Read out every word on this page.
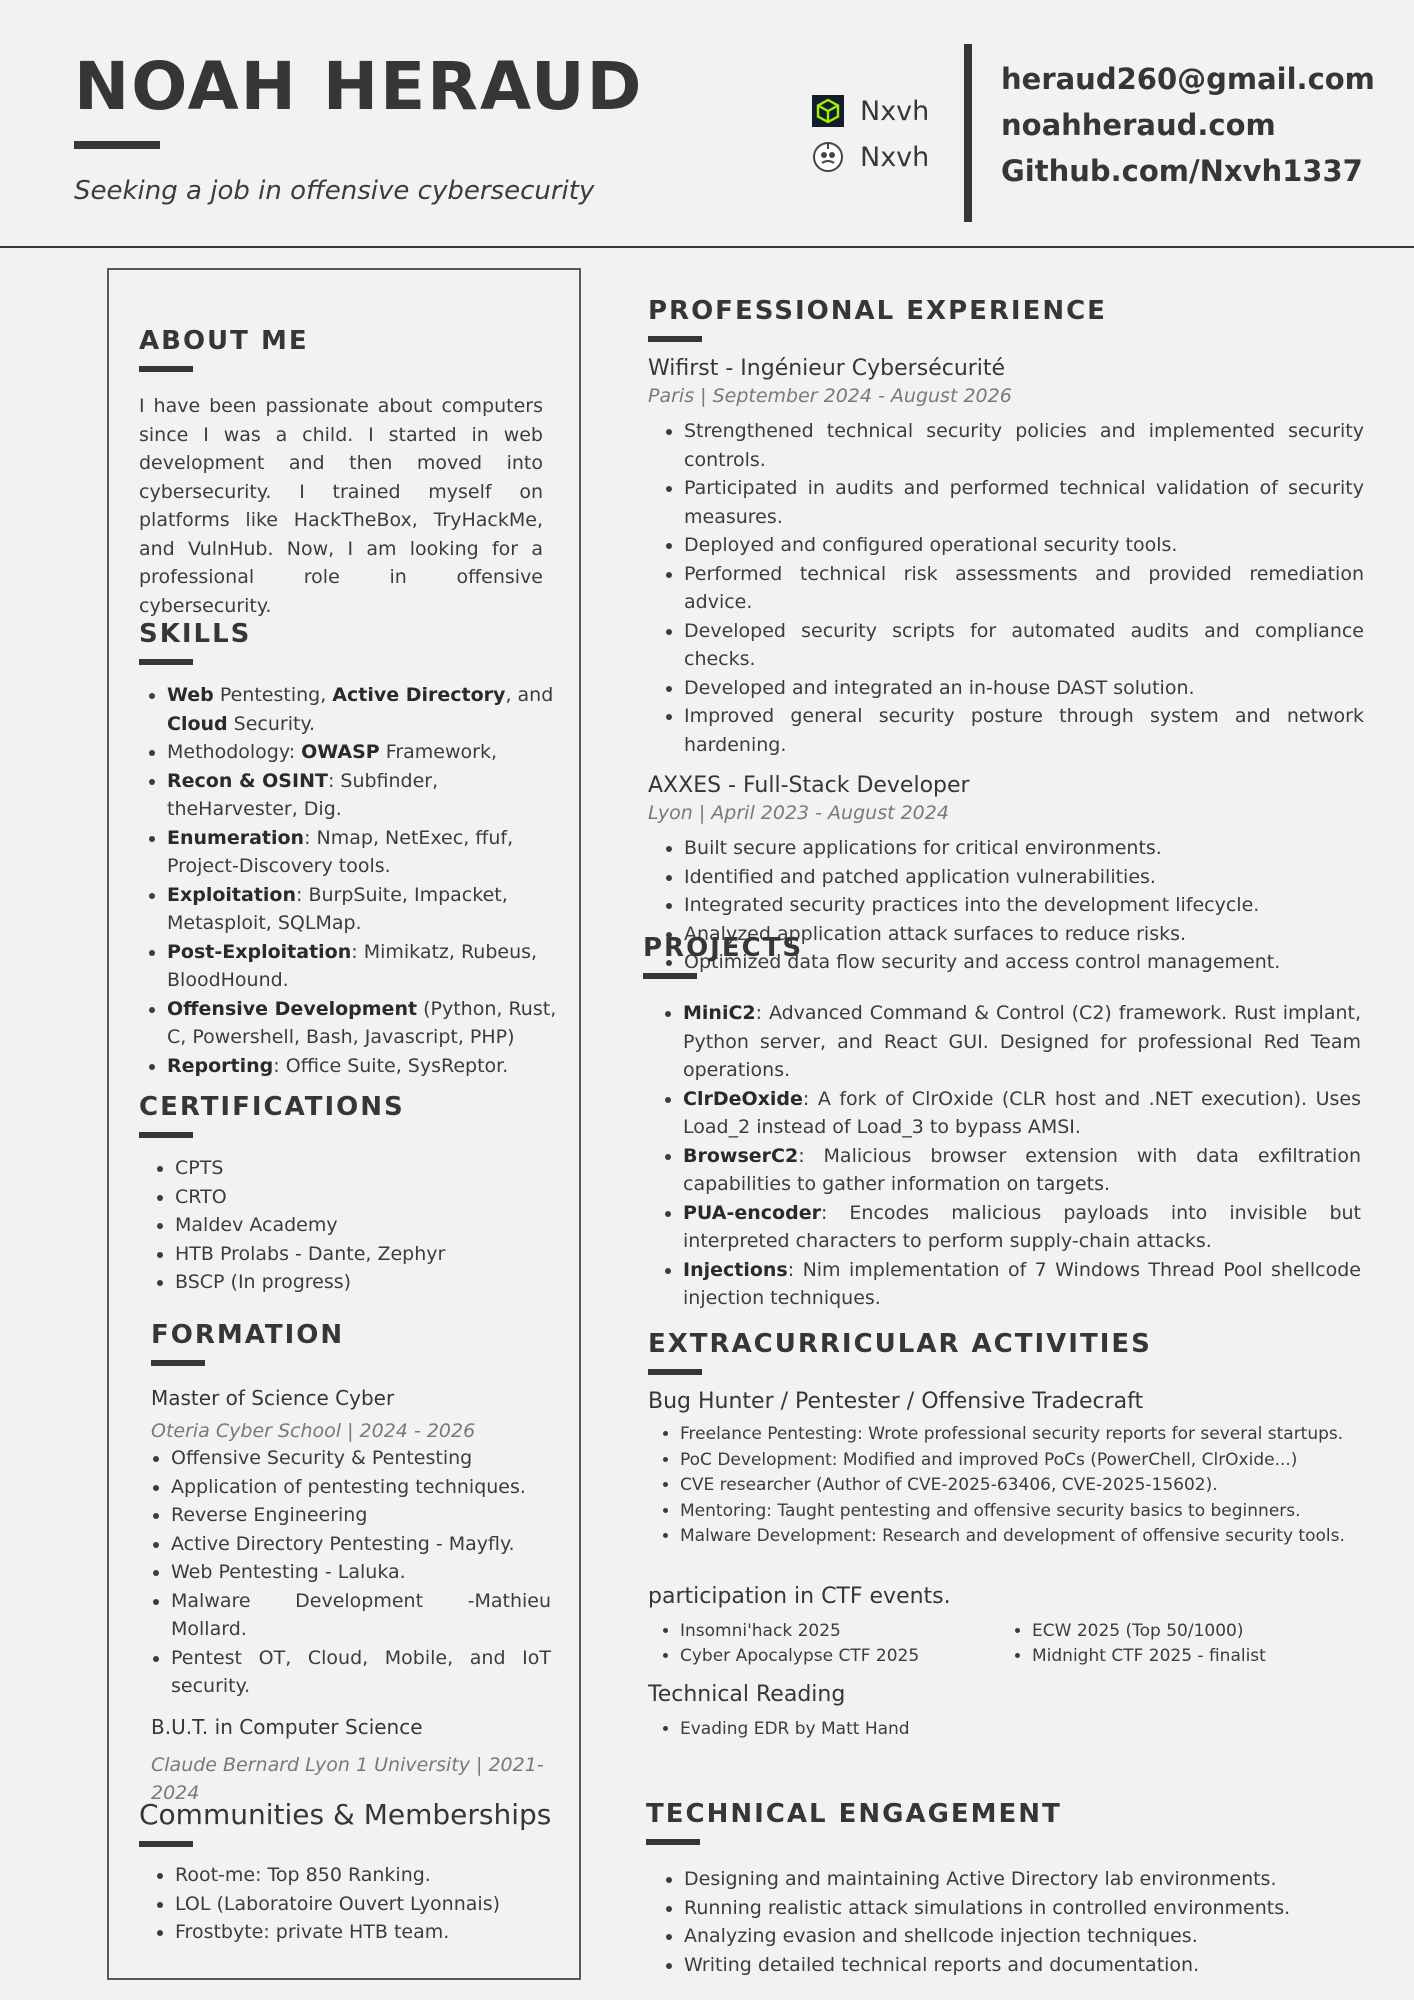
NOAH HERAUD
Seeking a job in offensive cybersecurity
Nxvh
Nxvh
heraud260@gmail.com
noahheraud.com
Github.com/Nxvh1337
ABOUT ME
I have been passionate about computers since I was a child. I started in web development and then moved into cybersecurity. I trained myself on platforms like HackTheBox, TryHackMe, and VulnHub. Now, I am looking for a professional role in offensive cybersecurity.
SKILLS
• Web Pentesting, Active Directory, and Cloud Security.
• Methodology: OWASP Framework,
• Recon & OSINT: Subfinder, theHarvester, Dig.
• Enumeration: Nmap, NetExec, ffuf, Project-Discovery tools.
• Exploitation: BurpSuite, Impacket, Metasploit, SQLMap.
• Post-Exploitation: Mimikatz, Rubeus, BloodHound.
• Offensive Development (Python, Rust, C, Powershell, Bash, Javascript, PHP)
• Reporting: Office Suite, SysReptor.
CERTIFICATIONS
• CPTS
• CRTO
• Maldev Academy
• HTB Prolabs - Dante, Zephyr
• BSCP (In progress)
FORMATION
Master of Science Cyber
Oteria Cyber School | 2024 - 2026
• Offensive Security & Pentesting
• Application of pentesting techniques.
• Reverse Engineering
• Active Directory Pentesting - Mayfly.
• Web Pentesting - Laluka.
• Malware Development -Mathieu Mollard.
• Pentest OT, Cloud, Mobile, and IoT security.
B.U.T. in Computer Science
Claude Bernard Lyon 1 University | 2021-2024
Communities & Memberships
• Root-me: Top 850 Ranking.
• LOL (Laboratoire Ouvert Lyonnais)
• Frostbyte: private HTB team.
PROFESSIONAL EXPERIENCE
Wifirst - Ingénieur Cybersécurité
Paris | September 2024 - August 2026
• Strengthened technical security policies and implemented security controls.
• Participated in audits and performed technical validation of security measures.
• Deployed and configured operational security tools.
• Performed technical risk assessments and provided remediation advice.
• Developed security scripts for automated audits and compliance checks.
• Developed and integrated an in-house DAST solution.
• Improved general security posture through system and network hardening.
AXXES - Full-Stack Developer
Lyon | April 2023 - August 2024
• Built secure applications for critical environments.
• Identified and patched application vulnerabilities.
• Integrated security practices into the development lifecycle.
• Analyzed application attack surfaces to reduce risks.
• Optimized data flow security and access control management.
PROJECTS
• MiniC2: Advanced Command & Control (C2) framework. Rust implant, Python server, and React GUI. Designed for professional Red Team operations.
• ClrDeOxide: A fork of ClrOxide (CLR host and .NET execution). Uses Load_2 instead of Load_3 to bypass AMSI.
• BrowserC2: Malicious browser extension with data exfiltration capabilities to gather information on targets.
• PUA-encoder: Encodes malicious payloads into invisible but interpreted characters to perform supply-chain attacks.
• Injections: Nim implementation of 7 Windows Thread Pool shellcode injection techniques.
EXTRACURRICULAR ACTIVITIES
Bug Hunter / Pentester / Offensive Tradecraft
• Freelance Pentesting: Wrote professional security reports for several startups.
• PoC Development: Modified and improved PoCs (PowerChell, ClrOxide...)
• CVE researcher (Author of CVE-2025-63406, CVE-2025-15602).
• Mentoring: Taught pentesting and offensive security basics to beginners.
• Malware Development: Research and development of offensive security tools.
participation in CTF events.
• Insomni'hack 2025
• Cyber Apocalypse CTF 2025
• ECW 2025 (Top 50/1000)
• Midnight CTF 2025 - finalist
Technical Reading
• Evading EDR by Matt Hand
TECHNICAL ENGAGEMENT
• Designing and maintaining Active Directory lab environments.
• Running realistic attack simulations in controlled environments.
• Analyzing evasion and shellcode injection techniques.
• Writing detailed technical reports and documentation.
